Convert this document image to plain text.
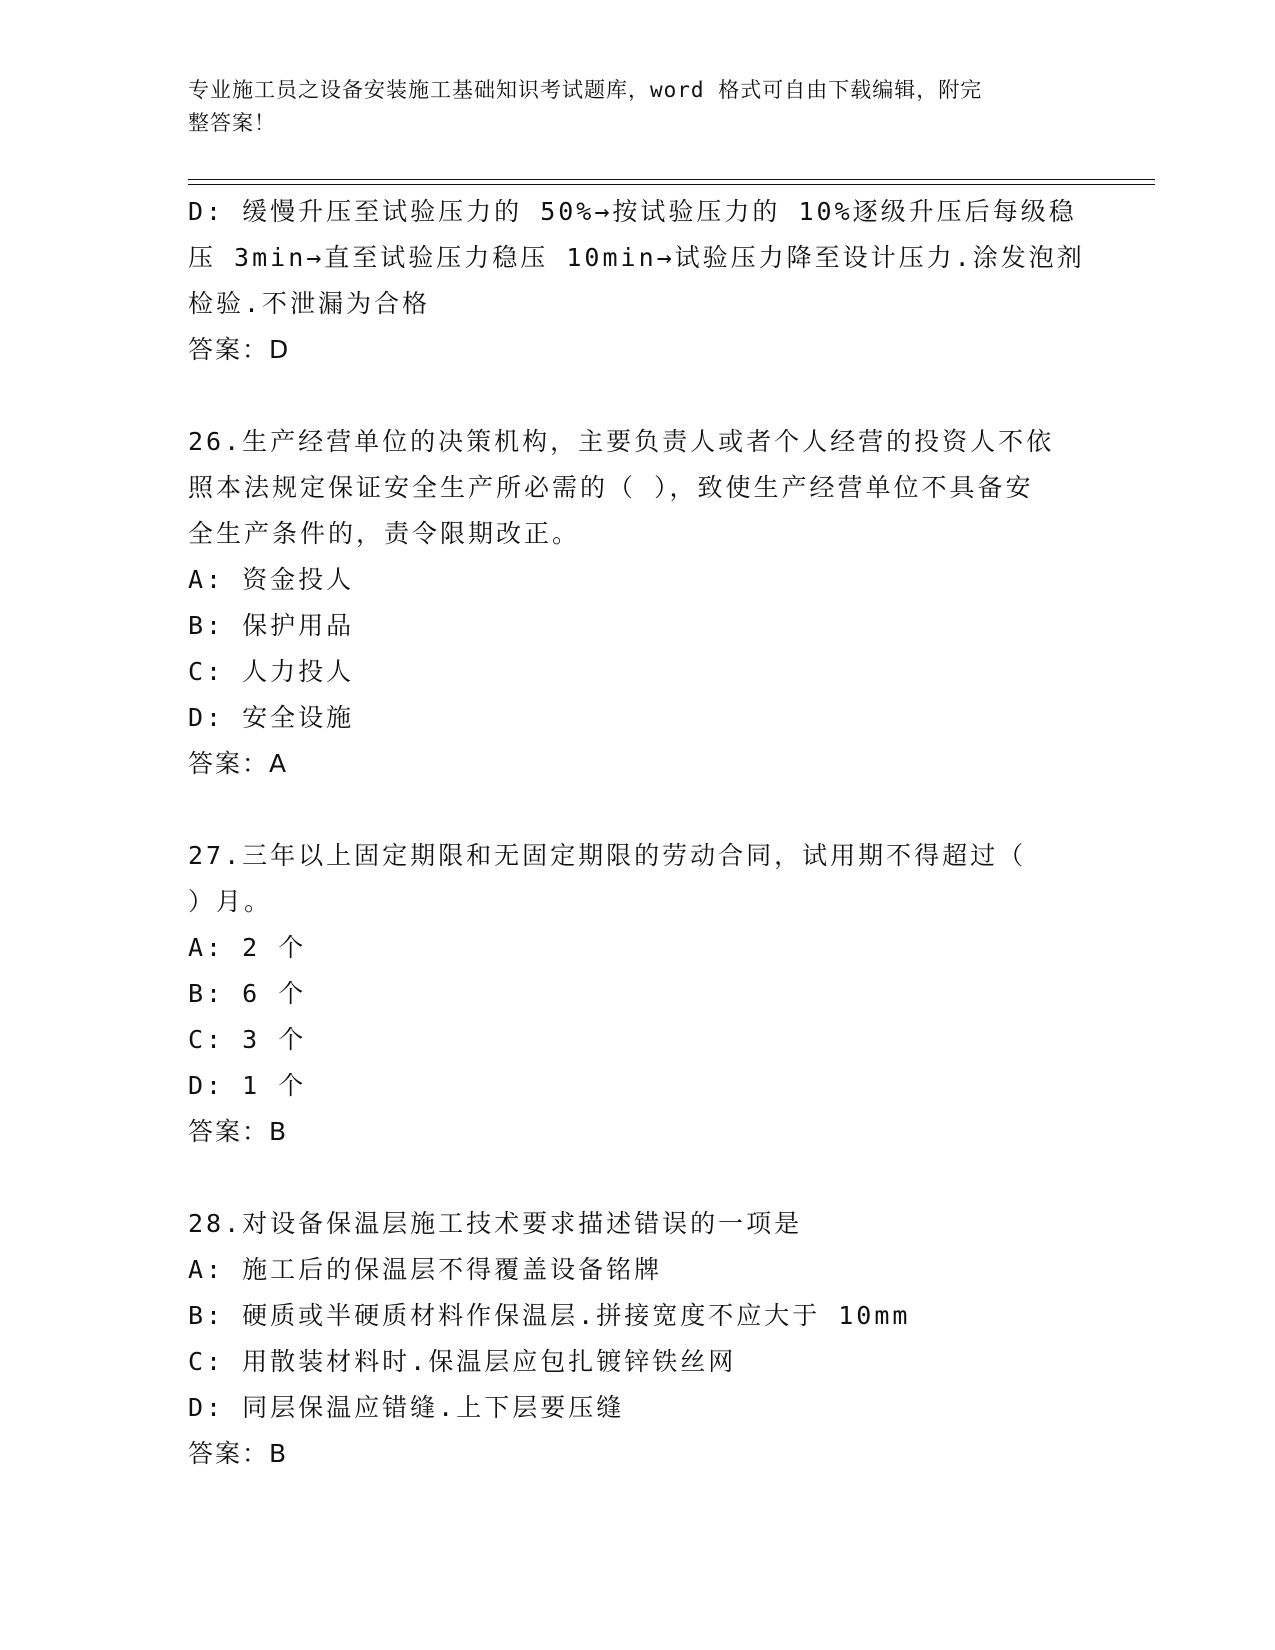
专业施工员之设备安装施工基础知识考试题库，word 格式可自由下载编辑，附完
整答案！
D: 缓慢升压至试验压力的 50%→按试验压力的 10%逐级升压后每级稳
压 3min→直至试验压力稳压 10min→试验压力降至设计压力.涂发泡剂
检验.不泄漏为合格
答案：D
26.生产经营单位的决策机构，主要负责人或者个人经营的投资人不依
照本法规定保证安全生产所必需的（ ），致使生产经营单位不具备安
全生产条件的，责令限期改正。
A: 资金投人
B: 保护用品
C: 人力投人
D: 安全设施
答案：A
27.三年以上固定期限和无固定期限的劳动合同，试用期不得超过（
）月。
A: 2 个
B: 6 个
C: 3 个
D: 1 个
答案：B
28.对设备保温层施工技术要求描述错误的一项是
A: 施工后的保温层不得覆盖设备铭牌
B: 硬质或半硬质材料作保温层.拼接宽度不应大于 10mm
C: 用散装材料时.保温层应包扎镀锌铁丝网
D: 同层保温应错缝.上下层要压缝
答案：B
